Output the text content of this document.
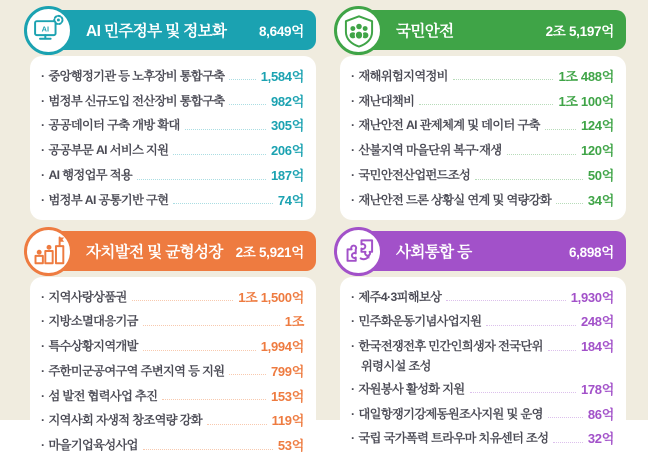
AI AI 민주정부 및 정보화	8,649억
· 중앙행정기관 등 노후장비 통합구축	1,584억
· 범정부 신규도입 전산장비 통합구축	982억
· 공공데이터 구축 개방 확대	305억
· 공공부문 AI 서비스 지원	206억
· AI 행정업무 적용	187억
· 범정부 AI 공통기반 구현	74억
국민안전	2조 5,197억
· 재해위험지역정비	1조 488억
· 재난대책비	1조 100억
· 재난안전 AI 관제체계 및 데이터 구축	124억
· 산불지역 마을단위 복구·재생	120억
· 국민안전산업펀드조성	50억
· 재난안전 드론 상황실 연계 및 역량강화	34억
자치발전 및 균형성장 2조 5,921억
· 지역사랑상품권	1조 1,500억
· 지방소멸대응기금	1조
· 특수상황지역개발	1,994억
· 주한미군공여구역 주변지역 등 지원	799억
· 섬 발전 협력사업 추진	153억
· 지역사회 자생적 창조역량 강화	119억
· 마을기업육성사업	53억
사회통합 등	6,898억
· 제주4·3피해보상	1,930억
· 민주화운동기념사업지원	248억
· 한국전쟁전후 민간인희생자 전국단위	184억
위령시설 조성
· 자원봉사 활성화 지원	178억
· 대일항쟁기강제동원조사지원 및 운영	86억
· 국립 국가폭력 트라우마 치유센터 조성	32억
